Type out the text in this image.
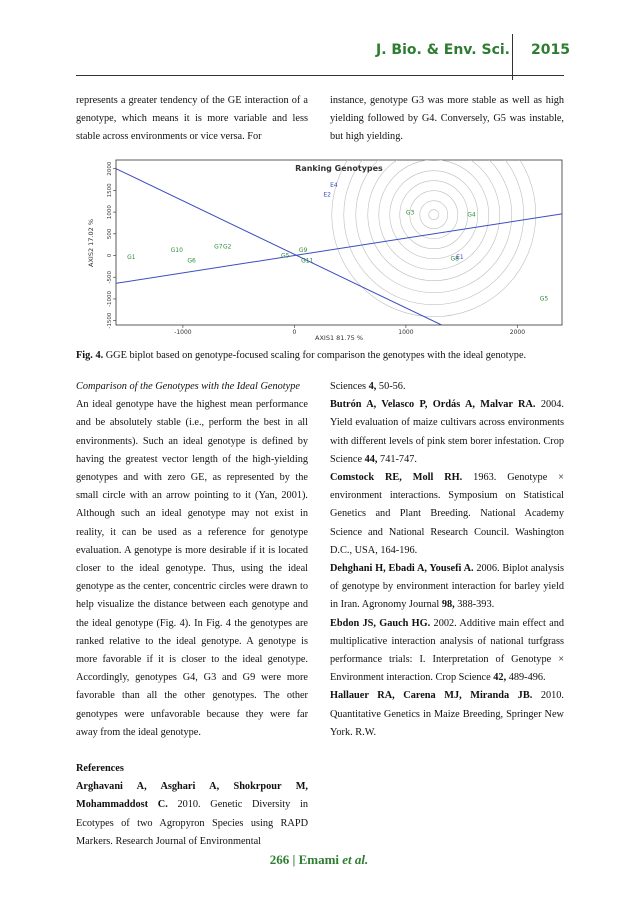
J. Bio. & Env. Sci. 2015

represents a greater tendency of the GE interaction of a genotype, which means it is more variable and less stable across environments or vice versa. For

instance, genotype G3 was more stable as well as high yielding followed by G4. Conversely, G5 was instable, but high yielding.

G1
G2
G3	G4
G5
G6
G7
G8
G9
G10
G11
G5	E1
E2
E4
-1000	0	1000	2000
-1500
-1000
-500
0
500
1000
1500
2000	Ranking Genotypes
AXIS1 81.75 %
AXIS2 17.02 %
Fig. 4. GGE biplot based on genotype-focused scaling for comparison the genotypes with the ideal genotype.

Comparison of the Genotypes with the Ideal Genotype

An ideal genotype have the highest mean performance and be absolutely stable (i.e., perform the best in all environments). Such an ideal genotype is defined by having the greatest vector length of the high-yielding genotypes and with zero GE, as represented by the small circle with an arrow pointing to it (Yan, 2001). Although such an ideal genotype may not exist in reality, it can be used as a reference for genotype evaluation. A genotype is more desirable if it is located closer to the ideal genotype. Thus, using the ideal genotype as the center, concentric circles were drawn to help visualize the distance between each genotype and the ideal genotype (Fig. 4). In Fig. 4 the genotypes are ranked relative to the ideal genotype. A genotype is more favorable if it is closer to the ideal genotype. Accordingly, genotypes G4, G3 and G9 were more favorable than all the other genotypes. The other genotypes were unfavorable because they were far away from the ideal genotype.

References

Arghavani A, Asghari A, Shokrpour M, Mohammaddost C. 2010. Genetic Diversity in Ecotypes of two Agropyron Species using RAPD Markers. Research Journal of Environmental

Sciences 4, 50-56.

Butrón A, Velasco P, Ordás A, Malvar RA. 2004. Yield evaluation of maize cultivars across environments with different levels of pink stem borer infestation. Crop Science 44, 741-747.

Comstock RE, Moll RH. 1963. Genotype × environment interactions. Symposium on Statistical Genetics and Plant Breeding. National Academy Science and National Research Council. Washington D.C., USA, 164-196.

Dehghani H, Ebadi A, Yousefi A. 2006. Biplot analysis of genotype by environment interaction for barley yield in Iran. Agronomy Journal 98, 388-393.

Ebdon JS, Gauch HG. 2002. Additive main effect and multiplicative interaction analysis of national turfgrass performance trials: I. Interpretation of Genotype × Environment interaction. Crop Science 42, 489-496.

Hallauer RA, Carena MJ, Miranda JB. 2010. Quantitative Genetics in Maize Breeding, Springer New York. R.W.

266 | Emami et al.
